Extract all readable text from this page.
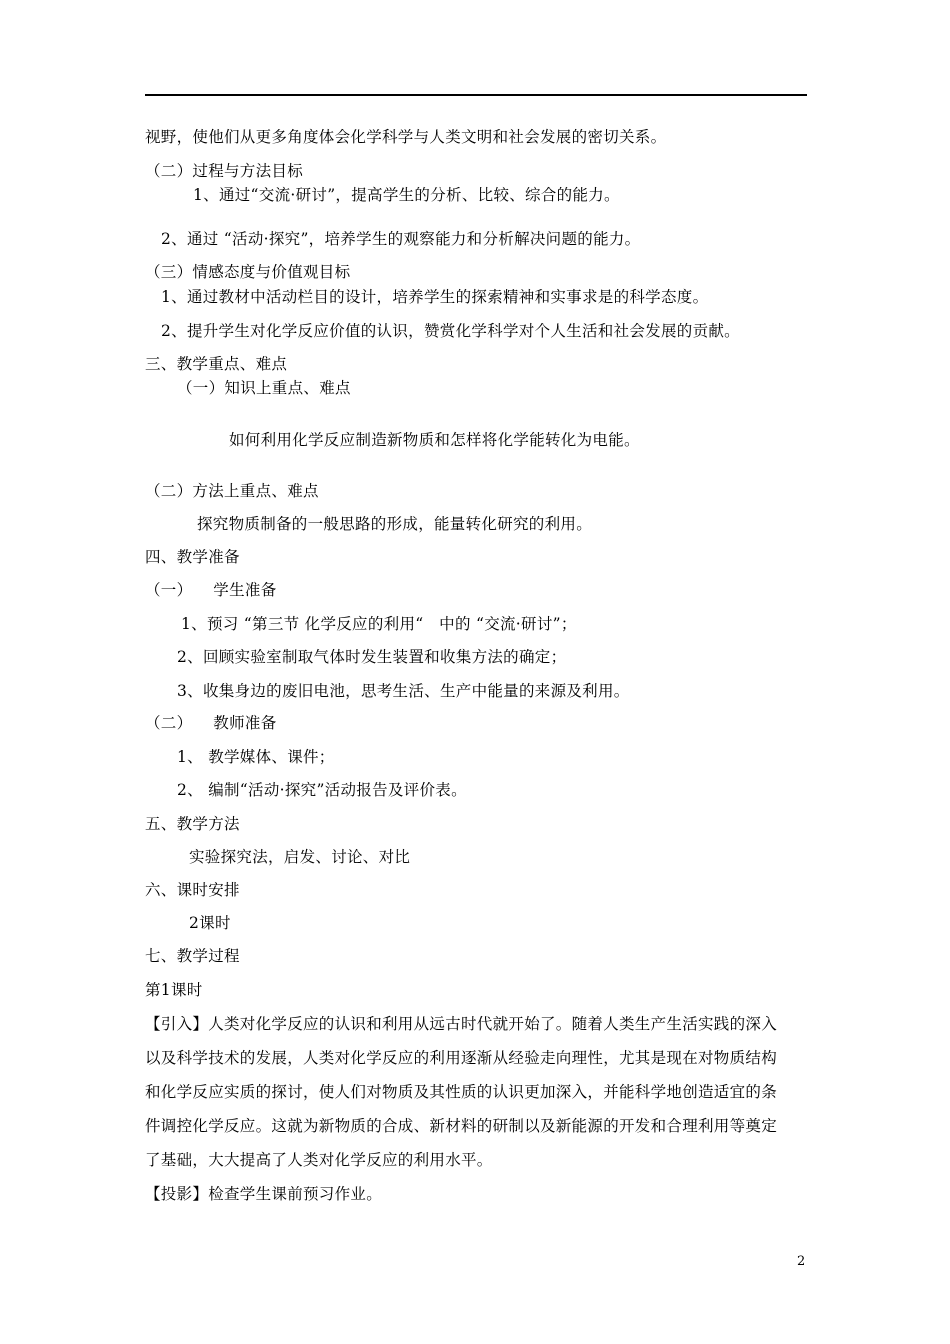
视野，使他们从更多角度体会化学科学与人类文明和社会发展的密切关系。
（二）过程与方法目标
1、通过“交流·研讨”，提高学生的分析、比较、综合的能力。
2、通过 “活动·探究”，培养学生的观察能力和分析解决问题的能力。
（三）情感态度与价值观目标
1、通过教材中活动栏目的设计，培养学生的探索精神和实事求是的科学态度。
2、提升学生对化学反应价值的认识，赞赏化学科学对个人生活和社会发展的贡献。
三、教学重点、难点
（一）知识上重点、难点
如何利用化学反应制造新物质和怎样将化学能转化为电能。
（二）方法上重点、难点
探究物质制备的一般思路的形成，能量转化研究的利用。
四、教学准备
（一）    学生准备
1、预习 “第三节 化学反应的利用“   中的 “交流·研讨”；
2、回顾实验室制取气体时发生装置和收集方法的确定；
3、收集身边的废旧电池，思考生活、生产中能量的来源及利用。
（二）    教师准备
1、 教学媒体、课件；
2、 编制“活动·探究”活动报告及评价表。
五、教学方法
实验探究法，启发、讨论、对比
六、课时安排
2课时
七、教学过程
第1课时
【引入】人类对化学反应的认识和利用从远古时代就开始了。随着人类生产生活实践的深入
以及科学技术的发展，人类对化学反应的利用逐渐从经验走向理性，尤其是现在对物质结构
和化学反应实质的探讨，使人们对物质及其性质的认识更加深入，并能科学地创造适宜的条
件调控化学反应。这就为新物质的合成、新材料的研制以及新能源的开发和合理利用等奠定
了基础，大大提高了人类对化学反应的利用水平。
【投影】检查学生课前预习作业。
2
